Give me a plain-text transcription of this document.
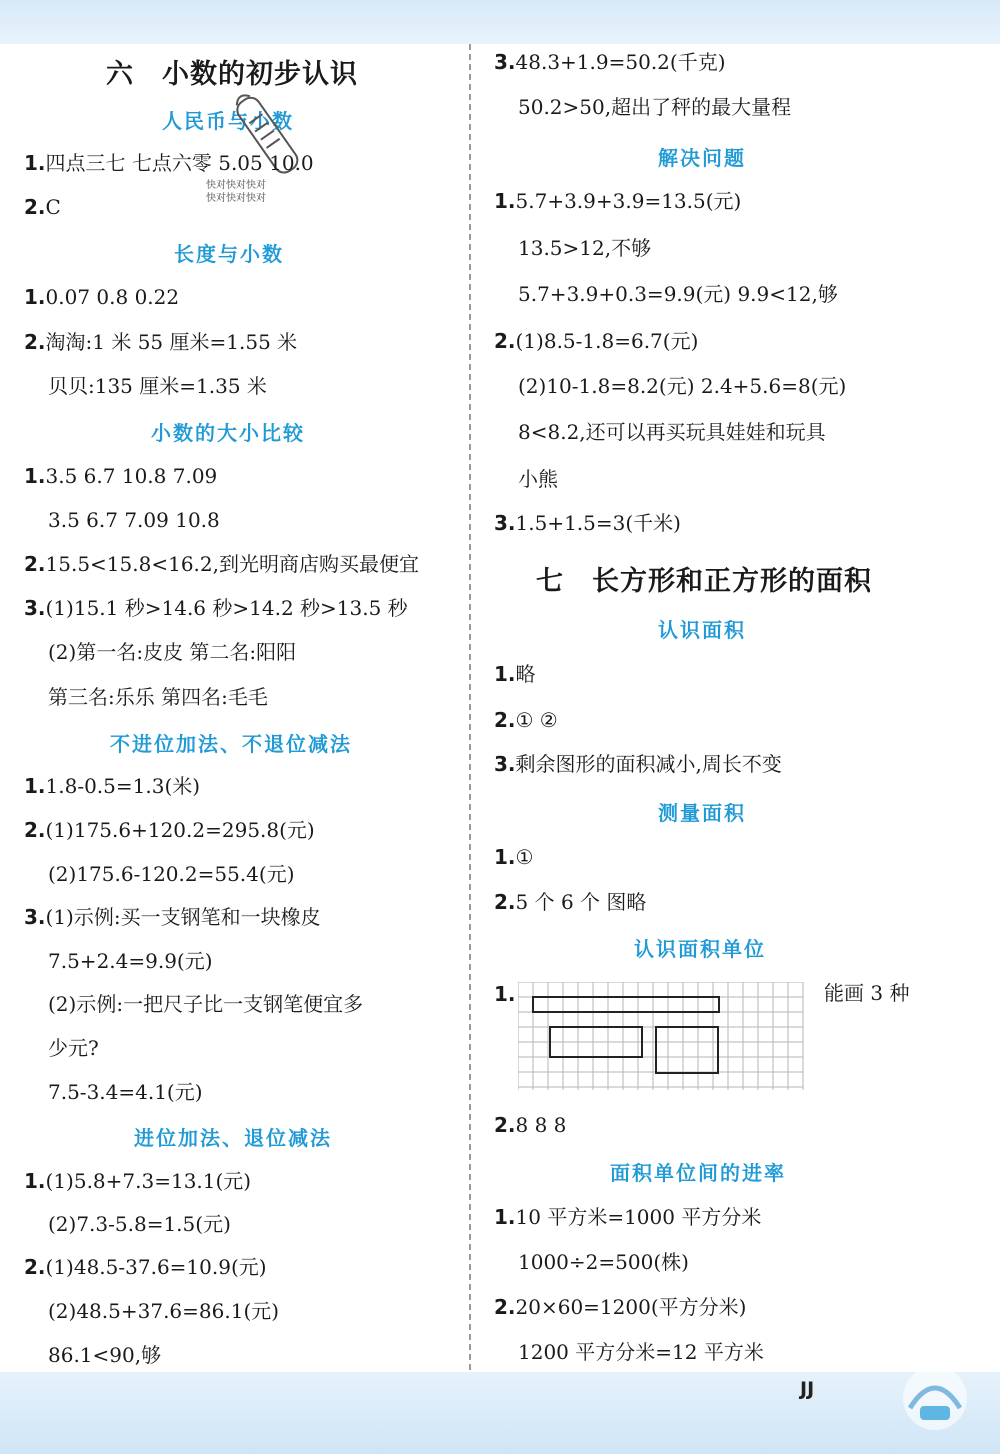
六 小数的初步认识
人民币与小数
快对快对快对
快对快对快对
1.四点三七 七点六零 5.05 10.0
2.C
长度与小数
1.0.07 0.8 0.22
2.淘淘:1 米 55 厘米=1.55 米
贝贝:135 厘米=1.35 米
小数的大小比较
1.3.5 6.7 10.8 7.09
3.5 6.7 7.09 10.8
2.15.5<15.8<16.2,到光明商店购买最便宜
3.(1)15.1 秒>14.6 秒>14.2 秒>13.5 秒
(2)第一名:皮皮 第二名:阳阳
第三名:乐乐 第四名:毛毛
不进位加法、不退位减法
1.1.8-0.5=1.3(米)
2.(1)175.6+120.2=295.8(元)
(2)175.6-120.2=55.4(元)
3.(1)示例:买一支钢笔和一块橡皮
7.5+2.4=9.9(元)
(2)示例:一把尺子比一支钢笔便宜多
少元?
7.5-3.4=4.1(元)
进位加法、退位减法
1.(1)5.8+7.3=13.1(元)
(2)7.3-5.8=1.5(元)
2.(1)48.5-37.6=10.9(元)
(2)48.5+37.6=86.1(元)
86.1<90,够
3.48.3+1.9=50.2(千克)
50.2>50,超出了秤的最大量程
解决问题
1.5.7+3.9+3.9=13.5(元)
13.5>12,不够
5.7+3.9+0.3=9.9(元) 9.9<12,够
2.(1)8.5-1.8=6.7(元)
(2)10-1.8=8.2(元) 2.4+5.6=8(元)
8<8.2,还可以再买玩具娃娃和玩具
小熊
3.1.5+1.5=3(千米)
七 长方形和正方形的面积
认识面积
1.略
2.① ②
3.剩余图形的面积减小,周长不变
测量面积
1.①
2.5 个 6 个 图略
认识面积单位
1.	能画 3 种
2.8 8 8
面积单位间的进率
1.10 平方米=1000 平方分米
1000÷2=500(株)
2.20×60=1200(平方分米)
1200 平方分米=12 平方米
JJ
